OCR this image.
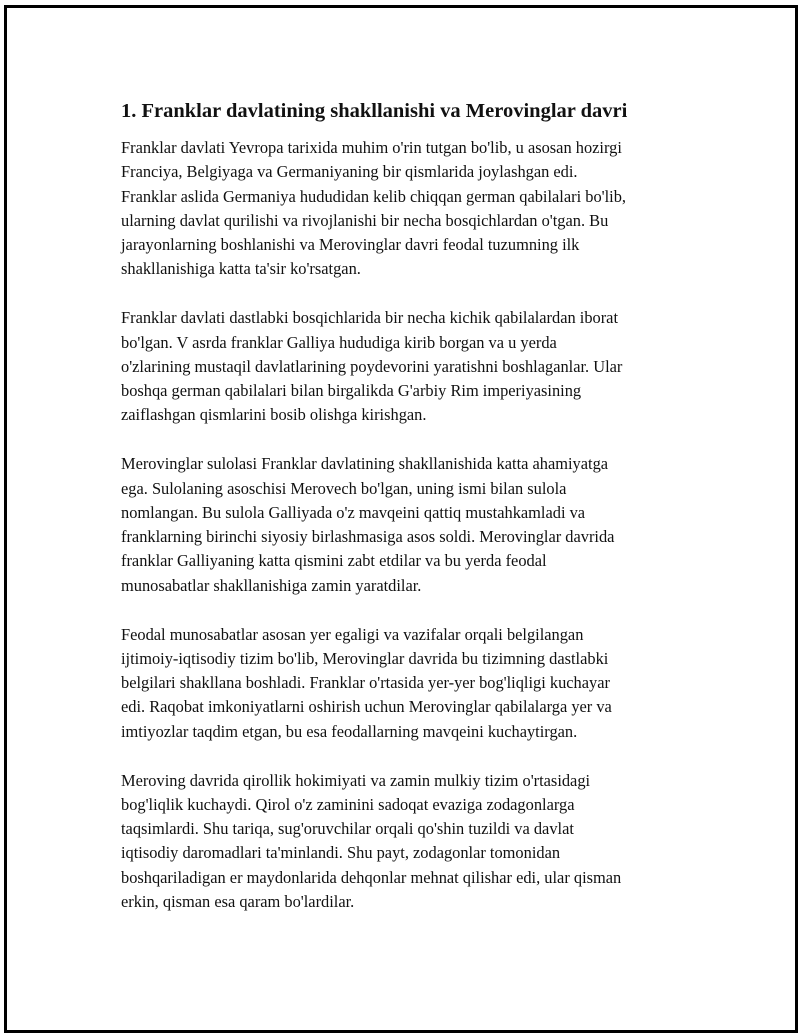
1. Franklar davlatining shakllanishi va Merovinglar davri
Franklar davlati Yevropa tarixida muhim o'rin tutgan bo'lib, u asosan hozirgi
Franciya, Belgiyaga va Germaniyaning bir qismlarida joylashgan edi.
Franklar aslida Germaniya hududidan kelib chiqqan german qabilalari bo'lib,
ularning davlat qurilishi va rivojlanishi bir necha bosqichlardan o'tgan. Bu
jarayonlarning boshlanishi va Merovinglar davri feodal tuzumning ilk
shakllanishiga katta ta'sir ko'rsatgan.
Franklar davlati dastlabki bosqichlarida bir necha kichik qabilalardan iborat
bo'lgan. V asrda franklar Galliya hududiga kirib borgan va u yerda
o'zlarining mustaqil davlatlarining poydevorini yaratishni boshlaganlar. Ular
boshqa german qabilalari bilan birgalikda G'arbiy Rim imperiyasining
zaiflashgan qismlarini bosib olishga kirishgan.
Merovinglar sulolasi Franklar davlatining shakllanishida katta ahamiyatga
ega. Sulolaning asoschisi Merovech bo'lgan, uning ismi bilan sulola
nomlangan. Bu sulola Galliyada o'z mavqeini qattiq mustahkamladi va
franklarning birinchi siyosiy birlashmasiga asos soldi. Merovinglar davrida
franklar Galliyaning katta qismini zabt etdilar va bu yerda feodal
munosabatlar shakllanishiga zamin yaratdilar.
Feodal munosabatlar asosan yer egaligi va vazifalar orqali belgilangan
ijtimoiy-iqtisodiy tizim bo'lib, Merovinglar davrida bu tizimning dastlabki
belgilari shakllana boshladi. Franklar o'rtasida yer-yer bog'liqligi kuchayar
edi. Raqobat imkoniyatlarni oshirish uchun Merovinglar qabilalarga yer va
imtiyozlar taqdim etgan, bu esa feodallarning mavqeini kuchaytirgan.
Meroving davrida qirollik hokimiyati va zamin mulkiy tizim o'rtasidagi
bog'liqlik kuchaydi. Qirol o'z zaminini sadoqat evaziga zodagonlarga
taqsimlardi. Shu tariqa, sug'oruvchilar orqali qo'shin tuzildi va davlat
iqtisodiy daromadlari ta'minlandi. Shu payt, zodagonlar tomonidan
boshqariladigan er maydonlarida dehqonlar mehnat qilishar edi, ular qisman
erkin, qisman esa qaram bo'lardilar.
